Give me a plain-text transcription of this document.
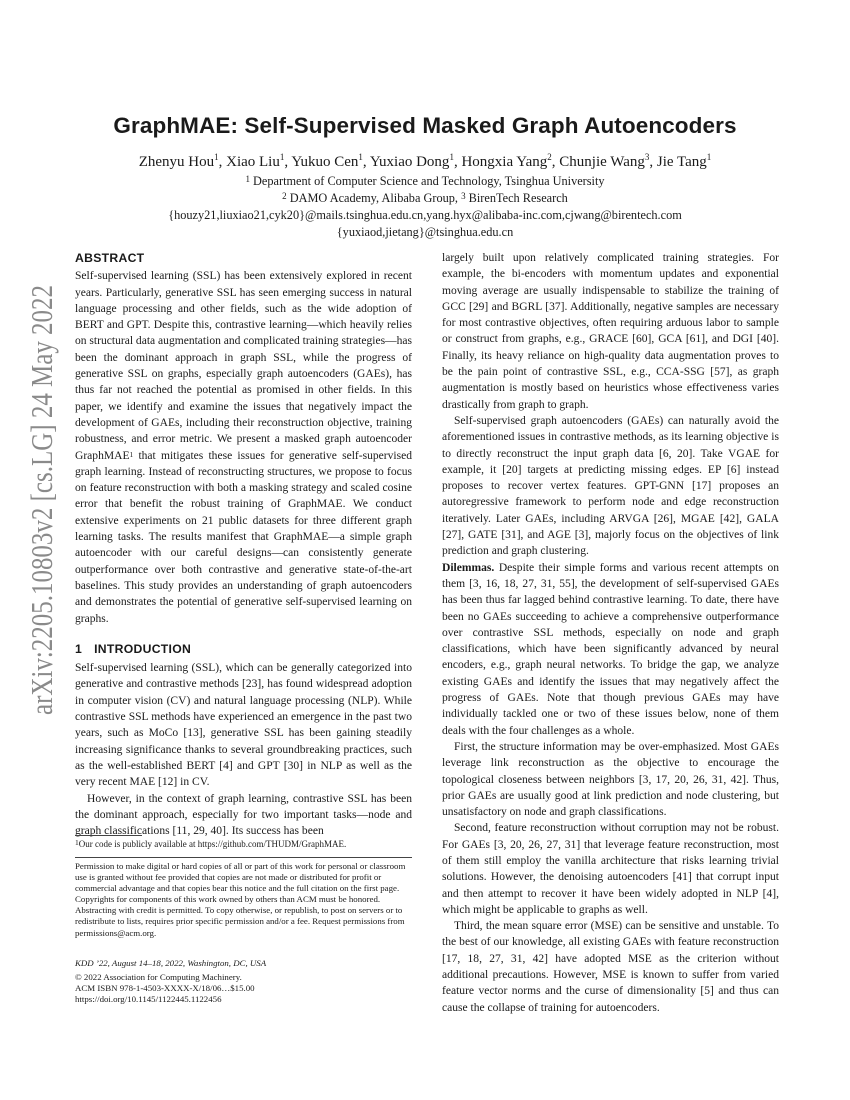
arXiv:2205.10803v2 [cs.LG] 24 May 2022
GraphMAE: Self-Supervised Masked Graph Autoencoders

Zhenyu Hou$^1$, Xiao Liu$^1$, Yukuo Cen$^1$, Yuxiao Dong$^1$, Hongxia Yang$^2$, Chunjie Wang$^3$, Jie Tang$^1$

$^1$ Department of Computer Science and Technology, Tsinghua University

$^2$ DAMO Academy, Alibaba Group, $^3$ BirenTech Research

{houzy21,liuxiao21,cyk20}@mails.tsinghua.edu.cn,yang.hyx@alibaba-inc.com,cjwang@birentech.com

{yuxiaod,jietang}@tsinghua.edu.cn

ABSTRACT

Self-supervised learning (SSL) has been extensively explored in recent years. Particularly, generative SSL has seen emerging success in natural language processing and other fields, such as the wide adoption of BERT and GPT. Despite this, contrastive learning—which heavily relies on structural data augmentation and complicated training strategies—has been the dominant approach in graph SSL, while the progress of generative SSL on graphs, especially graph autoencoders (GAEs), has thus far not reached the potential as promised in other fields. In this paper, we identify and examine the issues that negatively impact the development of GAEs, including their reconstruction objective, training robustness, and error metric. We present a masked graph autoencoder GraphMAE$^1$ that mitigates these issues for generative self-supervised graph learning. Instead of reconstructing structures, we propose to focus on feature reconstruction with both a masking strategy and scaled cosine error that benefit the robust training of GraphMAE. We conduct extensive experiments on 21 public datasets for three different graph learning tasks. The results manifest that GraphMAE—a simple graph autoencoder with our careful designs—can consistently generate outperformance over both contrastive and generative state-of-the-art baselines. This study provides an understanding of graph autoencoders and demonstrates the potential of generative self-supervised learning on graphs.

1 INTRODUCTION

Self-supervised learning (SSL), which can be generally categorized into generative and contrastive methods [23], has found widespread adoption in computer vision (CV) and natural language processing (NLP). While contrastive SSL methods have experienced an emergence in the past two years, such as MoCo [13], generative SSL has been gaining steadily increasing significance thanks to several groundbreaking practices, such as the well-established BERT [4] and GPT [30] in NLP as well as the very recent MAE [12] in CV.

However, in the context of graph learning, contrastive SSL has been the dominant approach, especially for two important tasks—node and graph classifications [11, 29, 40]. Its success has been

$^1$Our code is publicly available at https://github.com/THUDM/GraphMAE.

Permission to make digital or hard copies of all or part of this work for personal or classroom use is granted without fee provided that copies are not made or distributed for profit or commercial advantage and that copies bear this notice and the full citation on the first page. Copyrights for components of this work owned by others than ACM must be honored. Abstracting with credit is permitted. To copy otherwise, or republish, to post on servers or to redistribute to lists, requires prior specific permission and/or a fee. Request permissions from permissions@acm.org.

KDD ’22, August 14–18, 2022, Washington, DC, USA

© 2022 Association for Computing Machinery.
ACM ISBN 978-1-4503-XXXX-X/18/06…$15.00
https://doi.org/10.1145/1122445.1122456

largely built upon relatively complicated training strategies. For example, the bi-encoders with momentum updates and exponential moving average are usually indispensable to stabilize the training of GCC [29] and BGRL [37]. Additionally, negative samples are necessary for most contrastive objectives, often requiring arduous labor to sample or construct from graphs, e.g., GRACE [60], GCA [61], and DGI [40]. Finally, its heavy reliance on high-quality data augmentation proves to be the pain point of contrastive SSL, e.g., CCA-SSG [57], as graph augmentation is mostly based on heuristics whose effectiveness varies drastically from graph to graph.

Self-supervised graph autoencoders (GAEs) can naturally avoid the aforementioned issues in contrastive methods, as its learning objective is to directly reconstruct the input graph data [6, 20]. Take VGAE for example, it [20] targets at predicting missing edges. EP [6] instead proposes to recover vertex features. GPT-GNN [17] proposes an autoregressive framework to perform node and edge reconstruction iteratively. Later GAEs, including ARVGA [26], MGAE [42], GALA [27], GATE [31], and AGE [3], majorly focus on the objectives of link prediction and graph clustering.

Dilemmas. Despite their simple forms and various recent attempts on them [3, 16, 18, 27, 31, 55], the development of self-supervised GAEs has been thus far lagged behind contrastive learning. To date, there have been no GAEs succeeding to achieve a comprehensive outperformance over contrastive SSL methods, especially on node and graph classifications, which have been significantly advanced by neural encoders, e.g., graph neural networks. To bridge the gap, we analyze existing GAEs and identify the issues that may negatively affect the progress of GAEs. Note that though previous GAEs may have individually tackled one or two of these issues below, none of them deals with the four challenges as a whole.

First, the structure information may be over-emphasized. Most GAEs leverage link reconstruction as the objective to encourage the topological closeness between neighbors [3, 17, 20, 26, 31, 42]. Thus, prior GAEs are usually good at link prediction and node clustering, but unsatisfactory on node and graph classifications.

Second, feature reconstruction without corruption may not be robust. For GAEs [3, 20, 26, 27, 31] that leverage feature reconstruction, most of them still employ the vanilla architecture that risks learning trivial solutions. However, the denoising autoencoders [41] that corrupt input and then attempt to recover it have been widely adopted in NLP [4], which might be applicable to graphs as well.

Third, the mean square error (MSE) can be sensitive and unstable. To the best of our knowledge, all existing GAEs with feature reconstruction [17, 18, 27, 31, 42] have adopted MSE as the criterion without additional precautions. However, MSE is known to suffer from varied feature vector norms and the curse of dimensionality [5] and thus can cause the collapse of training for autoencoders.
